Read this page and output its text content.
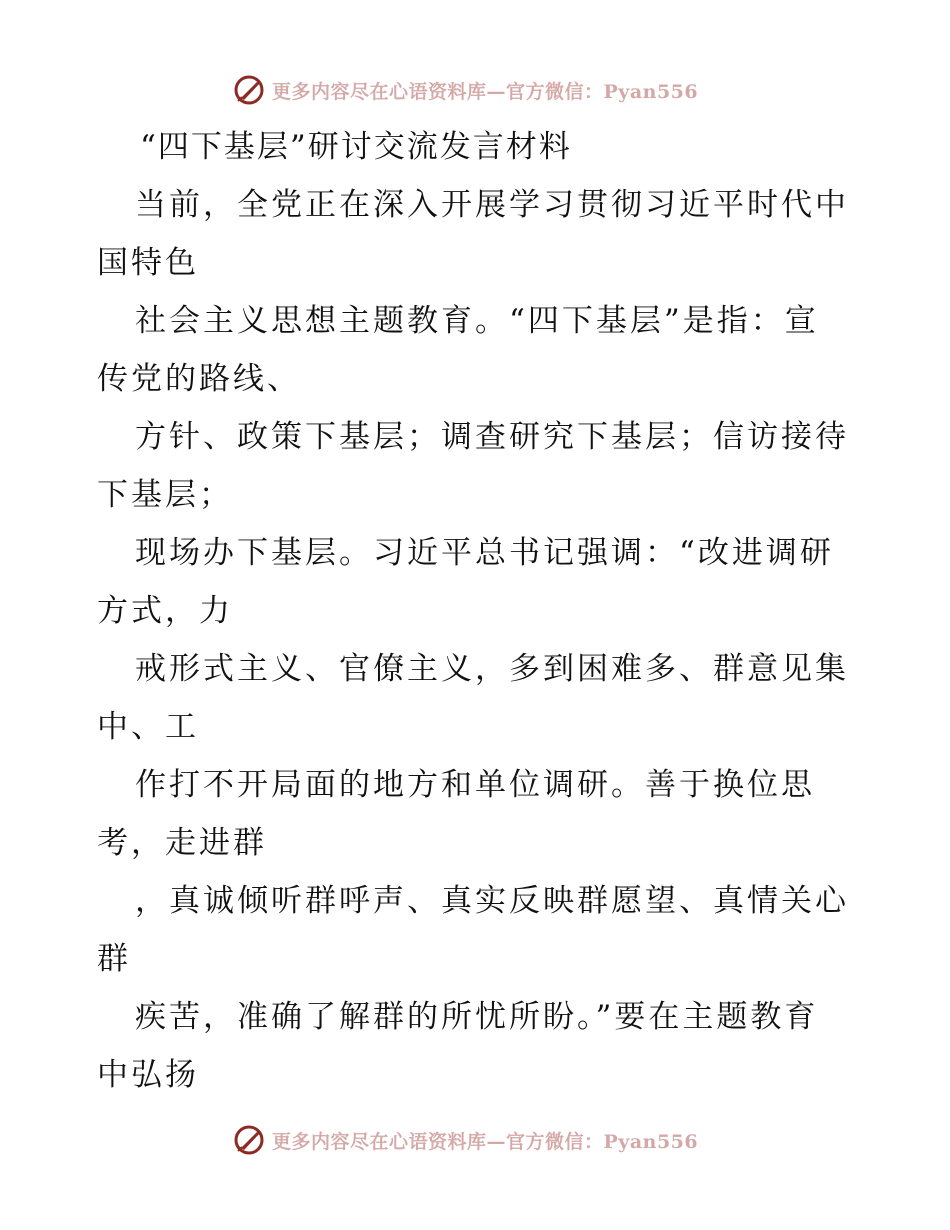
更多内容尽在心语资料库—官方微信：Pyan556
“四下基层”研讨交流发言材料

当前，全党正在深入开展学习贯彻习近平时代中

国特色

社会主义思想主题教育。“四下基层”是指：宣

传党的路线、

方针、政策下基层；调查研究下基层；信访接待

下基层；

现场办下基层。习近平总书记强调：“改进调研

方式，力

戒形式主义、官僚主义，多到困难多、群意见集

中、工

作打不开局面的地方和单位调研。善于换位思

考，走进群

，真诚倾听群呼声、真实反映群愿望、真情关心

群

疾苦，准确了解群的所忧所盼。”要在主题教育

中弘扬

更多内容尽在心语资料库—官方微信：Pyan556
